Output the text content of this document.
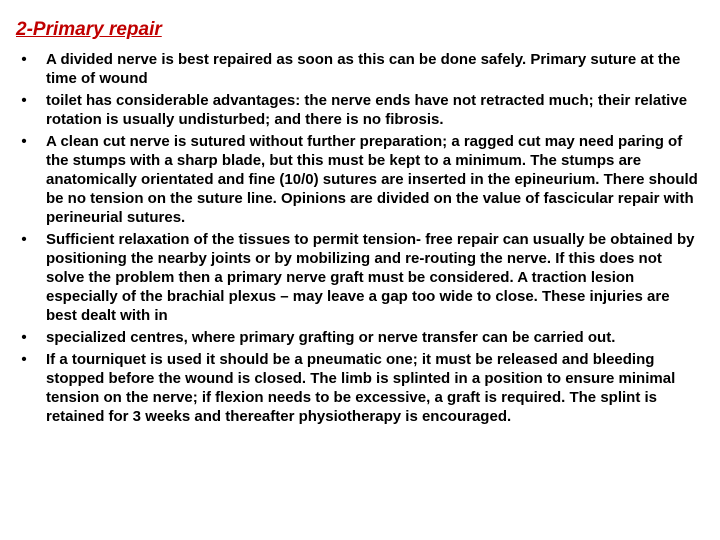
2-Primary repair
•	A divided nerve is best repaired as soon as this can be done safely. Primary suture at the time of wound
•	toilet has considerable advantages: the nerve ends have not retracted much; their relative rotation is usually undisturbed; and there is no fibrosis.
•	A clean cut nerve is sutured without further preparation; a ragged cut may need paring of the stumps with a sharp blade, but this must be kept to a minimum. The stumps are anatomically orientated and fine (10/0) sutures are inserted in the epineurium. There should be no tension on the suture line. Opinions are divided on the value of fascicular repair with perineurial sutures.
•	Sufficient relaxation of the tissues to permit tension- free repair can usually be obtained by positioning the nearby joints or by mobilizing and re-routing the nerve. If this does not solve the problem then a primary nerve graft must be considered. A traction lesion especially of the brachial plexus – may leave a gap too wide to close. These injuries are best dealt with in
•	specialized centres, where primary grafting or nerve transfer can be carried out.
•	If a tourniquet is used it should be a pneumatic one; it must be released and bleeding stopped before the wound is closed. The limb is splinted in a position to ensure minimal tension on the nerve; if flexion needs to be excessive, a graft is required. The splint is retained for 3 weeks and thereafter physiotherapy is encouraged.
